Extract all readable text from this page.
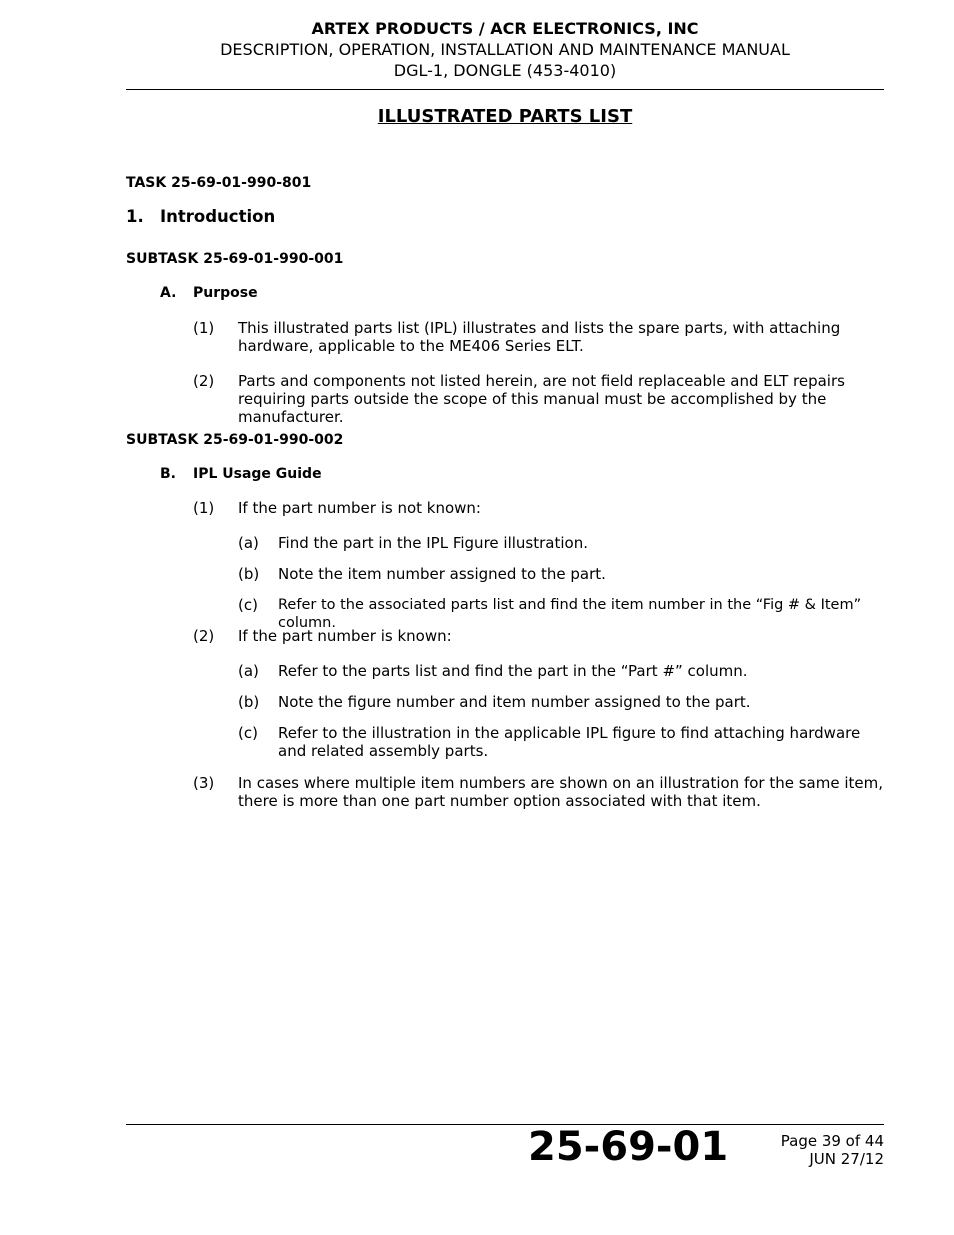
ARTEX PRODUCTS / ACR ELECTRONICS, INC
DESCRIPTION, OPERATION, INSTALLATION AND MAINTENANCE MANUAL
DGL-1, DONGLE (453-4010)
ILLUSTRATED PARTS LIST
TASK 25-69-01-990-801
1. Introduction
SUBTASK 25-69-01-990-001
A. Purpose
(1) This illustrated parts list (IPL) illustrates and lists the spare parts, with attaching hardware, applicable to the ME406 Series ELT.
(2) Parts and components not listed herein, are not field replaceable and ELT repairs requiring parts outside the scope of this manual must be accomplished by the manufacturer.
SUBTASK 25-69-01-990-002
B. IPL Usage Guide
(1) If the part number is not known:
(a) Find the part in the IPL Figure illustration.
(b) Note the item number assigned to the part.
(c) Refer to the associated parts list and find the item number in the “Fig # & Item” column.
(2) If the part number is known:
(a) Refer to the parts list and find the part in the “Part #” column.
(b) Note the figure number and item number assigned to the part.
(c) Refer to the illustration in the applicable IPL figure to find attaching hardware and related assembly parts.
(3) In cases where multiple item numbers are shown on an illustration for the same item, there is more than one part number option associated with that item.
25-69-01	Page 39 of 44
JUN 27/12
